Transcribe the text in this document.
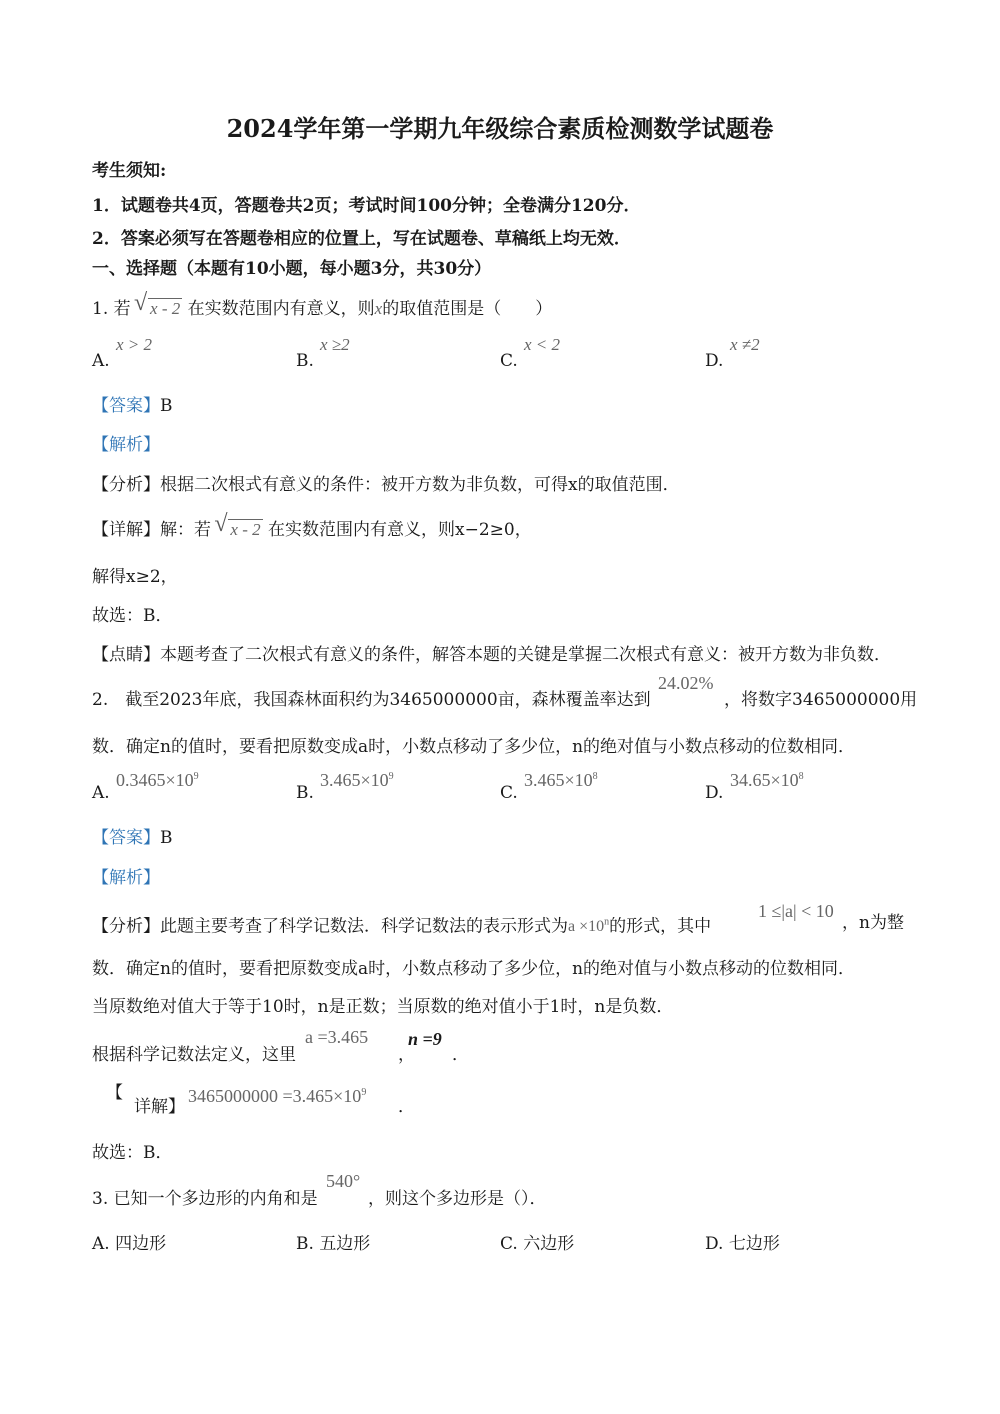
2024学年第一学期九年级综合素质检测数学试题卷
考生须知:
1．试题卷共4页，答题卷共2页；考试时间100分钟；全卷满分120分．
2．答案必须写在答题卷相应的位置上，写在试题卷、草稿纸上均无效．
一、选择题（本题有10小题，每小题3分，共30分）
1. 若 √ x - 2 在实数范围内有意义，则x的取值范围是（　　）
A.
x > 2
B.
x ≥2
C.
x < 2
D.
x ≠2
【答案】B
【解析】
【分析】根据二次根式有意义的条件：被开方数为非负数，可得x的取值范围．
【详解】解：若 √ x - 2 在实数范围内有意义，则x−2≥0，
解得x≥2，
故选：B．
【点睛】本题考查了二次根式有意义的条件，解答本题的关键是掌握二次根式有意义：被开方数为非负数．
2.　截至2023年底，我国森林面积约为3465000000亩，森林覆盖率达到
24.02%
，将数字3465000000用
数．确定n的值时，要看把原数变成a时，小数点移动了多少位，n的绝对值与小数点移动的位数相同．
A.
$0.3465\times 10^9$
B.
$3.465\times 10^9$
C.
$3.465\times 10^8$
D.
$34.65\times 10^8$
【答案】B
【解析】
【分析】此题主要考查了科学记数法．科学记数法的表示形式为$a \times 10^n$的形式，其中
1 ≤|a| < 10
，n为整
数．确定n的值时，要看把原数变成a时，小数点移动了多少位，n的绝对值与小数点移动的位数相同．
当原数绝对值大于等于10时，n是正数；当原数的绝对值小于1时，n是负数．
根据科学记数法定义，这里
a =3.465
，
n =9
．
【
详解】
$3465000000 =3.465\times 10^9$
．
故选：B．
3. 已知一个多边形的内角和是
540°
，则这个多边形是（）．
A. 四边形	B. 五边形	C. 六边形	D. 七边形
